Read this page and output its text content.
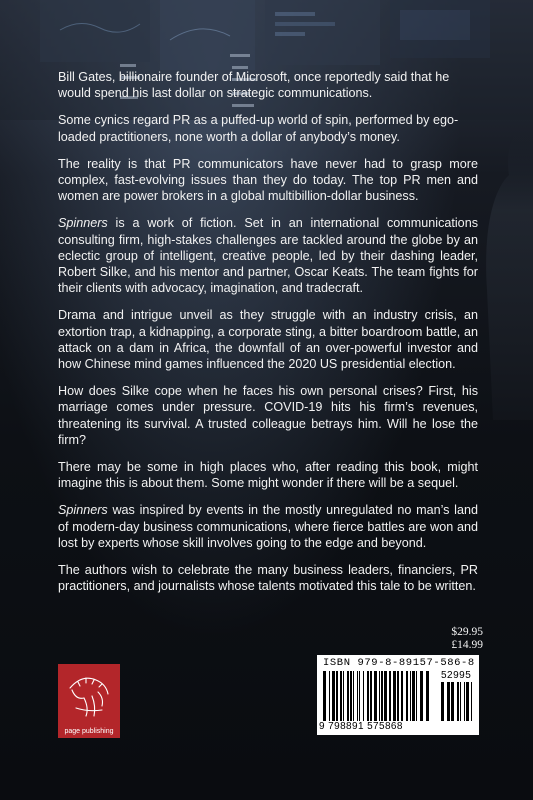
Bill Gates, billionaire founder of Microsoft, once reportedly said that he would spend his last dollar on strategic communications.

Some cynics regard PR as a puffed-up world of spin, performed by ego-loaded practitioners, none worth a dollar of anybody’s money.

The reality is that PR communicators have never had to grasp more complex, fast-evolving issues than they do today. The top PR men and women are power brokers in a global multibillion-dollar business.

Spinners is a work of fiction. Set in an international communications consulting firm, high-stakes challenges are tackled around the globe by an eclectic group of intelligent, creative people, led by their dashing leader, Robert Silke, and his mentor and partner, Oscar Keats. The team fights for their clients with advocacy, imagination, and tradecraft.

Drama and intrigue unveil as they struggle with an industry crisis, an extortion trap, a kidnapping, a corporate sting, a bitter boardroom battle, an attack on a dam in Africa, the downfall of an over-powerful investor and how Chinese mind games influenced the 2020 US presidential election.

How does Silke cope when he faces his own personal crises? First, his marriage comes under pressure. COVID-19 hits his firm’s revenues, threatening its survival. A trusted colleague betrays him. Will he lose the firm?

There may be some in high places who, after reading this book, might imagine this is about them. Some might wonder if there will be a sequel.

Spinners was inspired by events in the mostly unregulated no man’s land of modern-day business communications, where fierce battles are won and lost by experts whose skill involves going to the edge and beyond.

The authors wish to celebrate the many business leaders, financiers, PR practitioners, and journalists whose talents motivated this tale to be written.

$29.95
£14.99
ISBN 979-8-89157-586-8
52995
9 798891 575868
page publishing
